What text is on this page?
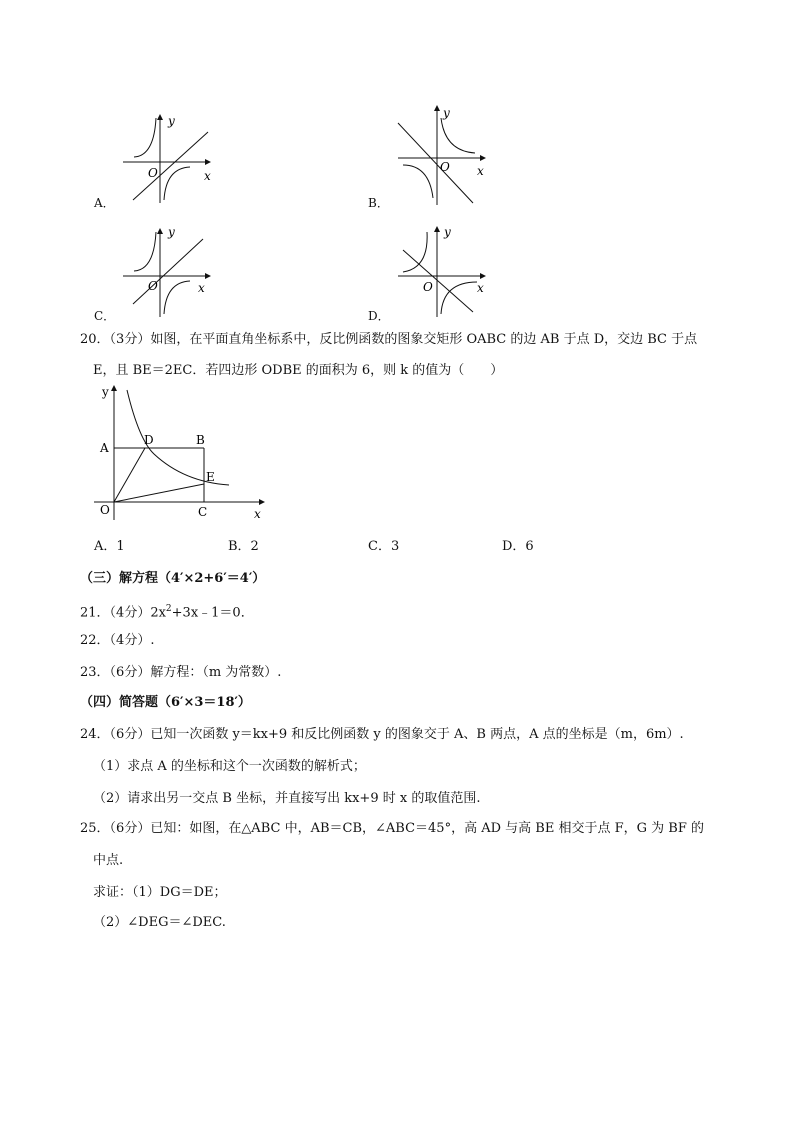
y
x
O
A．
y
x
O
B．
y
x
O
C．
y
x
O
D．
20．（3分）如图，在平面直角坐标系中，反比例函数的图象交矩形 OABC 的边 AB 于点 D，交边 BC 于点
E，且 BE＝2EC．若四边形 ODBE 的面积为 6，则 k 的值为（　　）
y
x
O
A
B
C
D
E
A．1	B．2	C．3	D．6
（三）解方程（4′×2+6′＝4′）
21．（4分）$2x^2+3x﹣1=0$．
22．（4分）.
23．（6分）解方程：（m 为常数）.
（四）简答题（6′×3＝18′）
24．（6分）已知一次函数 y＝kx+9 和反比例函数 y 的图象交于 A、B 两点，A 点的坐标是（m，6m）.
（1）求点 A 的坐标和这个一次函数的解析式；
（2）请求出另一交点 B 坐标，并直接写出 kx+9 时 x 的取值范围.
25．（6分）已知：如图，在△ABC 中，AB＝CB，∠ABC＝45°，高 AD 与高 BE 相交于点 F，G 为 BF 的
中点.
求证：（1）DG＝DE；
（2）∠DEG＝∠DEC.
